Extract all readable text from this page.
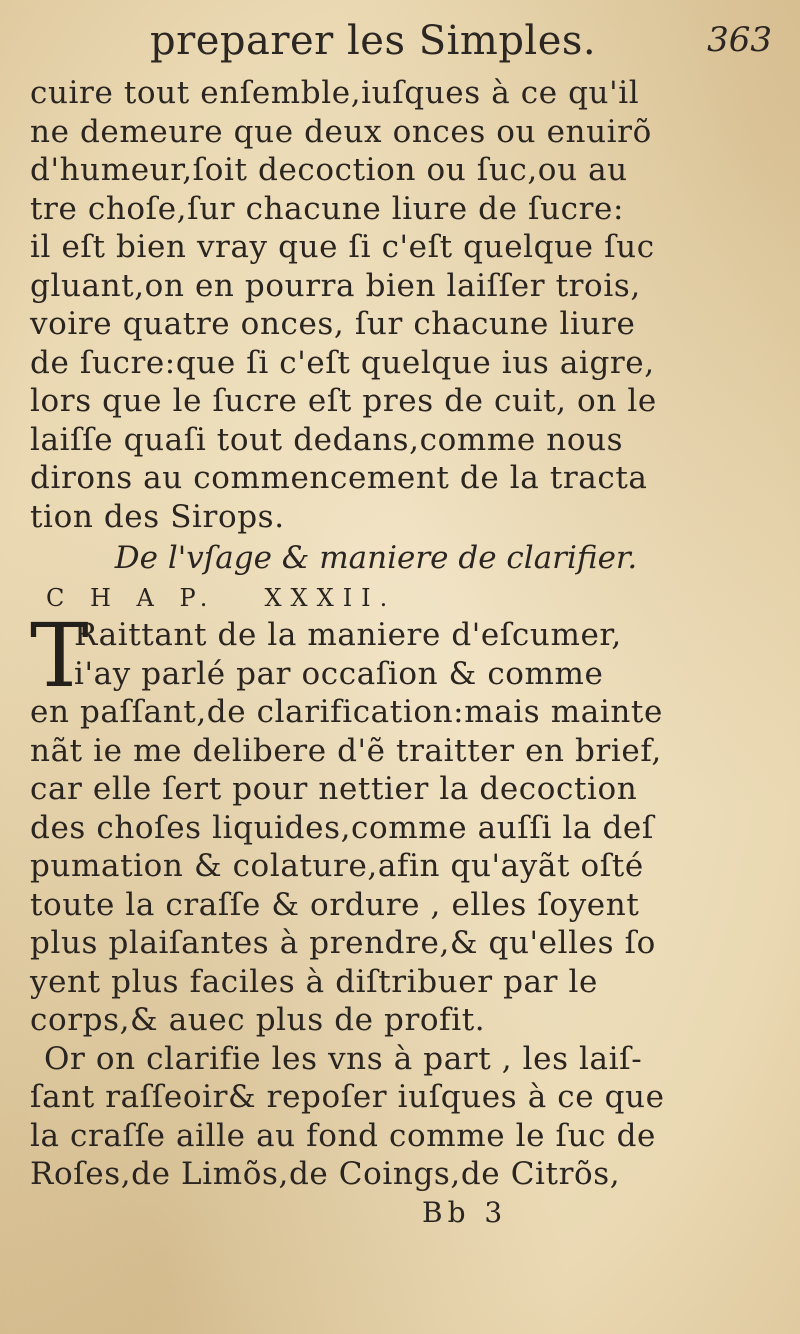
preparer les Simples.	363
cuire tout enſemble,iuſques à ce qu'il
ne demeure que deux onces ou enuirõ
d'humeur,ſoit decoction ou ſuc,ou au
tre choſe,ſur chacune liure de ſucre:
il eſt bien vray que ſi c'eſt quelque ſuc
gluant,on en pourra bien laiſſer trois,
voire quatre onces, ſur chacune liure
de ſucre:que ſi c'eſt quelque ius aigre,
lors que le ſucre eſt pres de cuit, on le
laiſſe quaſi tout dedans,comme nous
dirons au commencement de la tracta
tion des Sirops.
De l'vſage & maniere de clarifier.
C H A P. XXXII.
T
Raittant de la maniere d'eſcumer,
i'ay parlé par occaſion & comme
en paſſant,de clarification:mais mainte
nãt ie me delibere d'ẽ traitter en brief,
car elle ſert pour nettier la decoction
des choſes liquides,comme auſſi la deſ
pumation & colature,afin qu'ayãt oſté
toute la craſſe & ordure , elles ſoyent
plus plaiſantes à prendre,& qu'elles ſo
yent plus faciles à diſtribuer par le
corps,& auec plus de profit.
Or on clarifie les vns à part , les laiſ-
ſant raſſeoir& repoſer iuſques à ce que
la craſſe aille au fond comme le ſuc de
Roſes,de Limõs,de Coings,de Citrõs,
Bb 3
